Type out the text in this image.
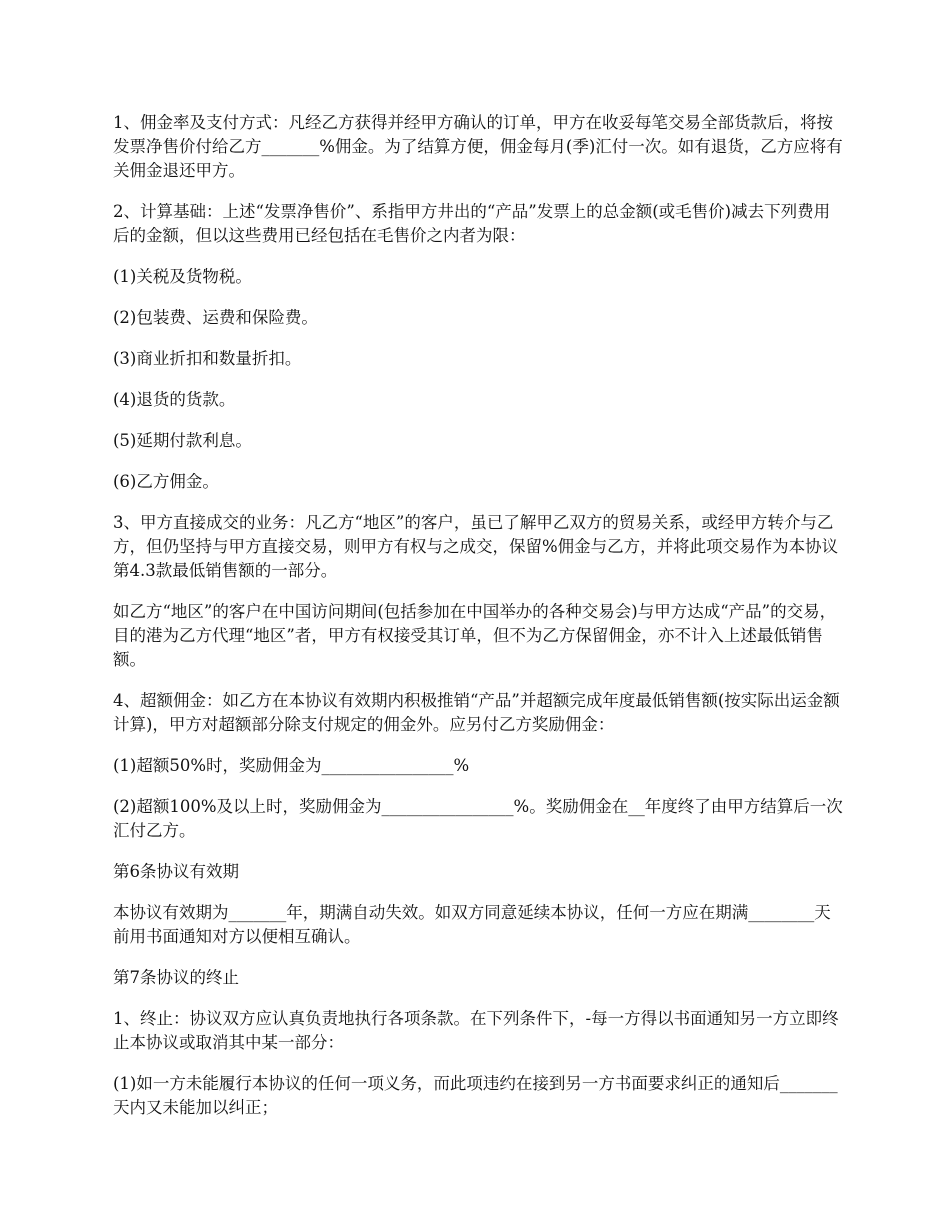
1、佣金率及支付方式：凡经乙方获得并经甲方确认的订单，甲方在收妥每笔交易全部货款后，将按发票净售价付给乙方_______%佣金。为了结算方便，佣金每月(季)汇付一次。如有退货，乙方应将有关佣金退还甲方。

2、计算基础：上述“发票净售价”、系指甲方井出的“产品”发票上的总金额(或毛售价)减去下列费用后的金额，但以这些费用已经包括在毛售价之内者为限：

(1)关税及货物税。

(2)包装费、运费和保险费。

(3)商业折扣和数量折扣。

(4)退货的货款。

(5)延期付款利息。

(6)乙方佣金。

3、甲方直接成交的业务：凡乙方“地区”的客户，虽已了解甲乙双方的贸易关系，或经甲方转介与乙方，但仍坚持与甲方直接交易，则甲方有权与之成交，保留%佣金与乙方，并将此项交易作为本协议第4.3款最低销售额的一部分。

如乙方“地区”的客户在中国访问期间(包括参加在中国举办的各种交易会)与甲方达成“产品”的交易，目的港为乙方代理“地区”者，甲方有权接受其订单，但不为乙方保留佣金，亦不计入上述最低销售额。

4、超额佣金：如乙方在本协议有效期内积极推销“产品”并超额完成年度最低销售额(按实际出运金额计算)，甲方对超额部分除支付规定的佣金外。应另付乙方奖励佣金：

(1)超额50%时，奖励佣金为________________%

(2)超额100%及以上时，奖励佣金为________________%。奖励佣金在__年度终了由甲方结算后一次汇付乙方。

第6条协议有效期

本协议有效期为_______年，期满自动失效。如双方同意延续本协议，任何一方应在期满________天前用书面通知对方以便相互确认。

第7条协议的终止

1、终止：协议双方应认真负责地执行各项条款。在下列条件下，-每一方得以书面通知另一方立即终止本协议或取消其中某一部分：

(1)如一方未能履行本协议的任何一项义务，而此项违约在接到另一方书面要求纠正的通知后_______天内又未能加以纠正；
